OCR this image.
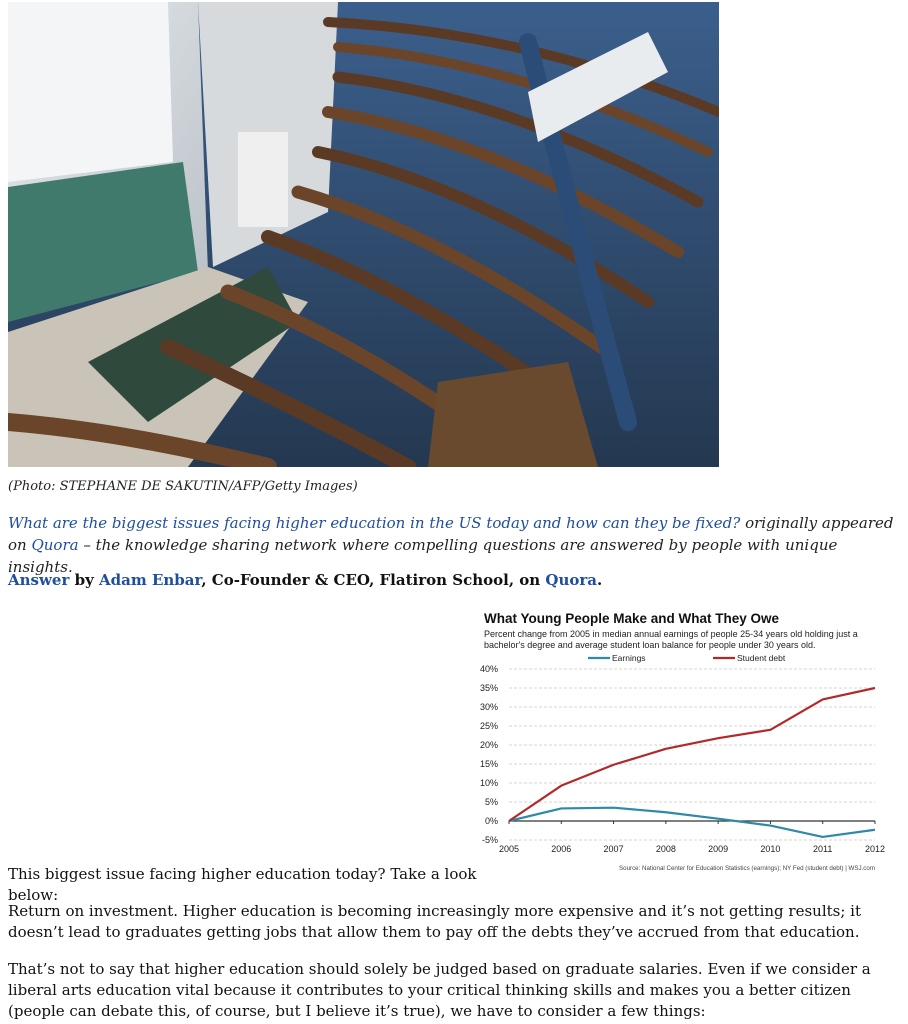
(Photo: STEPHANE DE SAKUTIN/AFP/Getty Images)
What are the biggest issues facing higher education in the US today and how can they be fixed? originally appeared on Quora – the knowledge sharing network where compelling questions are answered by people with unique insights.
Answer by Adam Enbar, Co-Founder & CEO, Flatiron School, on Quora.
What Young People Make and What They Owe
Percent change from 2005 in median annual earnings of people 25-34 years old holding just a bachelor's degree and average student loan balance for people under 30 years old.
40%
35%
30%
25%
20%
15%
10%
5%
0%
-5%
2005	2006	2007	2008	2009	2010	2011	2012
Earnings	Student debt
Source: National Center for Education Statistics (earnings); NY Fed (student debt) | WSJ.com
This biggest issue facing higher education today? Take a look below:
Return on investment. Higher education is becoming increasingly more expensive and it’s not getting results; it doesn’t lead to graduates getting jobs that allow them to pay off the debts they’ve accrued from that education.
That’s not to say that higher education should solely be judged based on graduate salaries. Even if we consider a liberal arts education vital because it contributes to your critical thinking skills and makes you a better citizen (people can debate this, of course, but I believe it’s true), we have to consider a few things:
